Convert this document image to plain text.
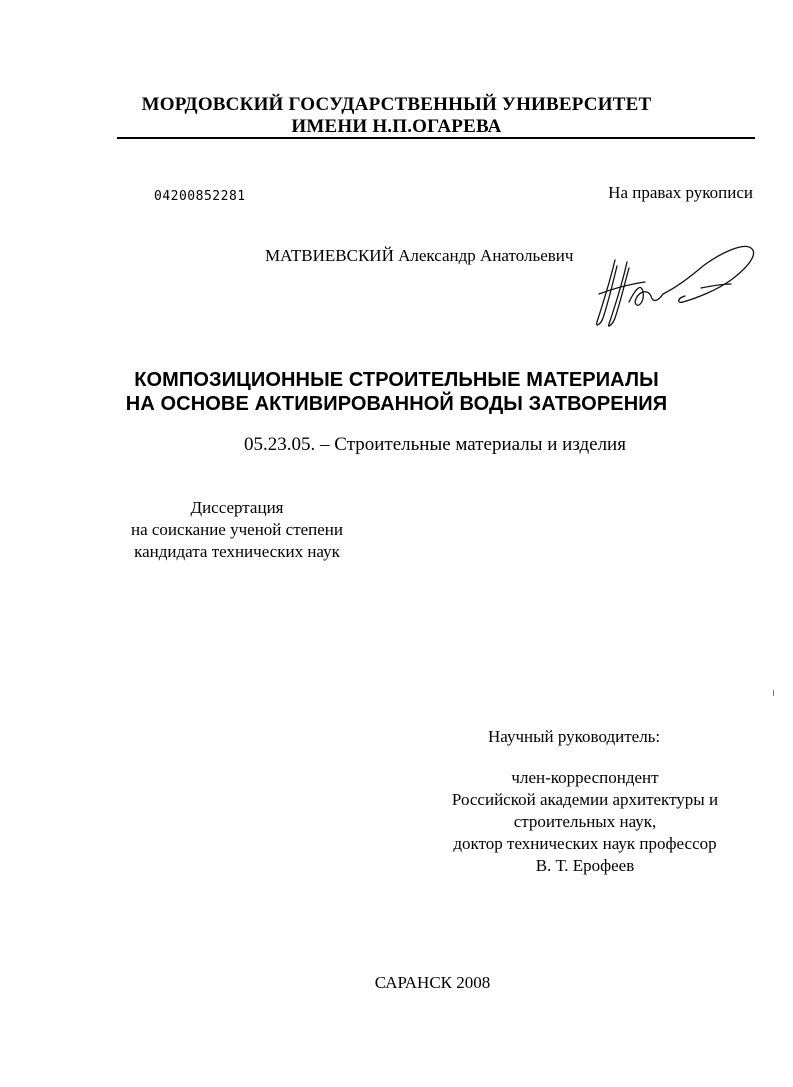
МОРДОВСКИЙ ГОСУДАРСТВЕННЫЙ УНИВЕРСИТЕТ
ИМЕНИ Н.П.ОГАРЕВА
04200852281	На правах рукописи
МАТВИЕВСКИЙ Александр Анатольевич
КОМПОЗИЦИОННЫЕ СТРОИТЕЛЬНЫЕ МАТЕРИАЛЫ
НА ОСНОВЕ АКТИВИРОВАННОЙ ВОДЫ ЗАТВОРЕНИЯ
05.23.05. – Строительные материалы и изделия
Диссертация
на соискание ученой степени
кандидата технических наук
Научный руководитель:
член-корреспондент
Российской академии архитектуры и
строительных наук,
доктор технических наук профессор
В. Т. Ерофеев
САРАНСК 2008
